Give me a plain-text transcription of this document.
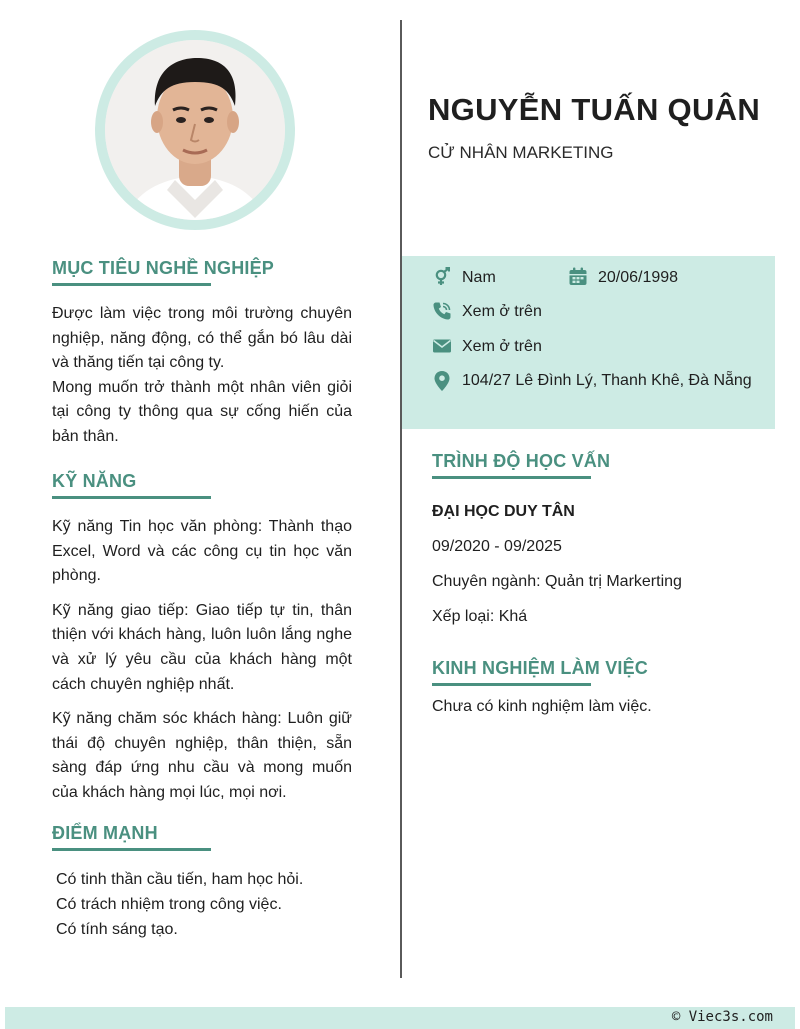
MỤC TIÊU NGHỀ NGHIỆP

Được làm việc trong môi trường chuyên nghiệp, năng động, có thể gắn bó lâu dài và thăng tiến tại công ty.

Mong muốn trở thành một nhân viên giỏi tại công ty thông qua sự cống hiến của bản thân.

KỸ NĂNG

Kỹ năng Tin học văn phòng: Thành thạo Excel, Word và các công cụ tin học văn phòng.

Kỹ năng giao tiếp: Giao tiếp tự tin, thân thiện với khách hàng, luôn luôn lắng nghe và xử lý yêu cầu của khách hàng một cách chuyên nghiệp nhất.

Kỹ năng chăm sóc khách hàng: Luôn giữ thái độ chuyên nghiệp, thân thiện, sẵn sàng đáp ứng nhu cầu và mong muốn của khách hàng mọi lúc, mọi nơi.

ĐIỂM MẠNH

Có tinh thần cầu tiến, ham học hỏi.

Có trách nhiệm trong công việc.

Có tính sáng tạo.

NGUYỄN TUẤN QUÂN
CỬ NHÂN MARKETING
Nam	20/06/1998
Xem ở trên
Xem ở trên
104/27 Lê Đình Lý, Thanh Khê, Đà Nẵng
TRÌNH ĐỘ HỌC VẤN
ĐẠI HỌC DUY TÂN
09/2020 - 09/2025
Chuyên ngành: Quản trị Markerting
Xếp loại: Khá
KINH NGHIỆM LÀM VIỆC
Chưa có kinh nghiệm làm việc.
© Viec3s.com
